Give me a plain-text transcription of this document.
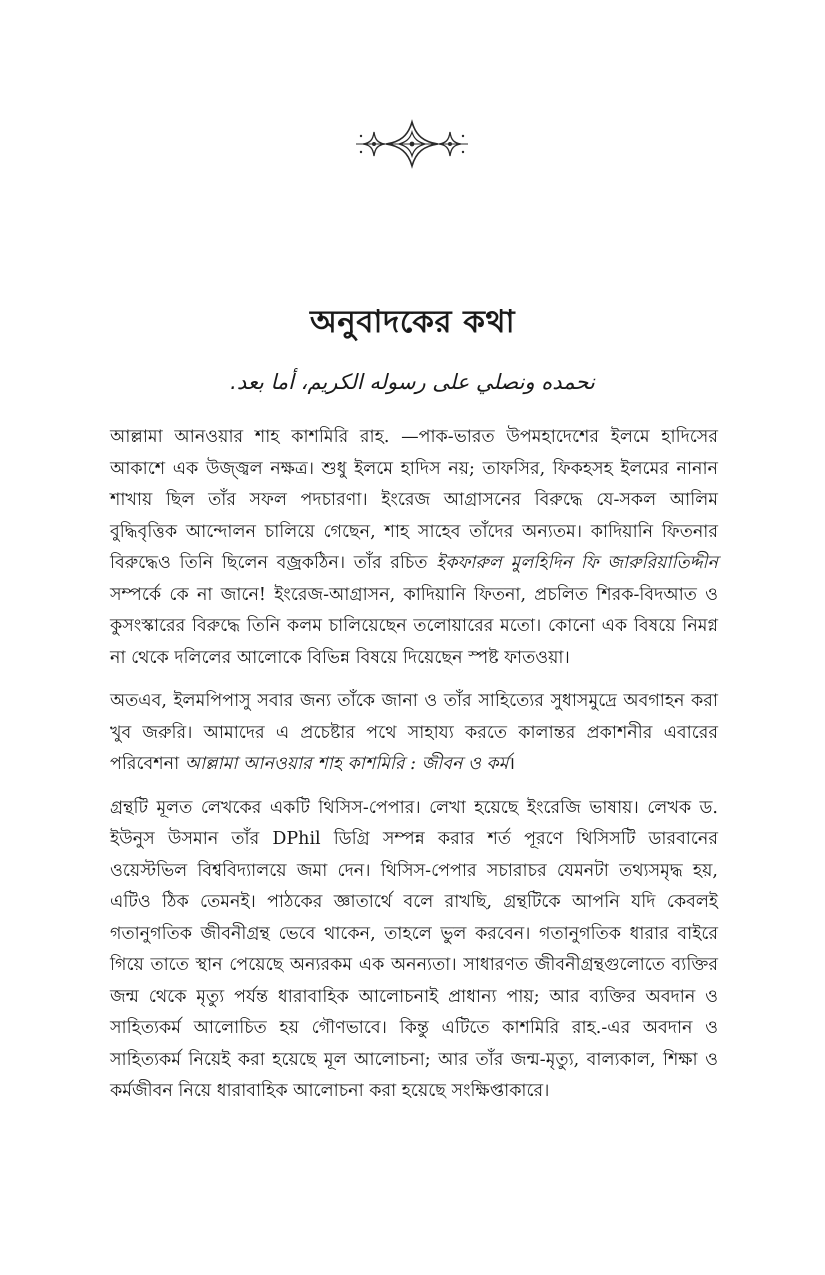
অনুবাদকের কথা

نحمده ونصلي على رسوله الكريم، أما بعد.

আল্লামা আনওয়ার শাহ কাশমিরি রাহ. —পাক-ভারত উপমহাদেশের ইলমে হাদিসের আকাশে এক উজ্জ্বল নক্ষত্র। শুধু ইলমে হাদিস নয়; তাফসির, ফিকহসহ ইলমের নানান শাখায় ছিল তাঁর সফল পদচারণা। ইংরেজ আগ্রাসনের বিরুদ্ধে যে-সকল আলিম বুদ্ধিবৃত্তিক আন্দোলন চালিয়ে গেছেন, শাহ সাহেব তাঁদের অন্যতম। কাদিয়ানি ফিতনার বিরুদ্ধেও তিনি ছিলেন বজ্রকঠিন। তাঁর রচিত ইকফারুল মুলহিদিন ফি জারুরিয়াতিদ্দীন সম্পর্কে কে না জানে! ইংরেজ-আগ্রাসন, কাদিয়ানি ফিতনা, প্রচলিত শিরক-বিদআত ও কুসংস্কারের বিরুদ্ধে তিনি কলম চালিয়েছেন তলোয়ারের মতো। কোনো এক বিষয়ে নিমগ্ন না থেকে দলিলের আলোকে বিভিন্ন বিষয়ে দিয়েছেন স্পষ্ট ফাতওয়া।

অতএব, ইলমপিপাসু সবার জন্য তাঁকে জানা ও তাঁর সাহিত্যের সুধাসমুদ্রে অবগাহন করা খুব জরুরি। আমাদের এ প্রচেষ্টার পথে সাহায্য করতে কালান্তর প্রকাশনীর এবারের পরিবেশনা আল্লামা আনওয়ার শাহ কাশমিরি : জীবন ও কর্ম।

গ্রন্থটি মূলত লেখকের একটি থিসিস-পেপার। লেখা হয়েছে ইংরেজি ভাষায়। লেখক ড. ইউনুস উসমান তাঁর DPhil ডিগ্রি সম্পন্ন করার শর্ত পূরণে থিসিসটি ডারবানের ওয়েস্টভিল বিশ্ববিদ্যালয়ে জমা দেন। থিসিস-পেপার সচারাচর যেমনটা তথ্যসমৃদ্ধ হয়, এটিও ঠিক তেমনই। পাঠকের জ্ঞাতার্থে বলে রাখছি, গ্রন্থটিকে আপনি যদি কেবলই গতানুগতিক জীবনীগ্রন্থ ভেবে থাকেন, তাহলে ভুল করবেন। গতানুগতিক ধারার বাইরে গিয়ে তাতে স্থান পেয়েছে অন্যরকম এক অনন্যতা। সাধারণত জীবনীগ্রন্থগুলোতে ব্যক্তির জন্ম থেকে মৃত্যু পর্যন্ত ধারাবাহিক আলোচনাই প্রাধান্য পায়; আর ব্যক্তির অবদান ও সাহিত্যকর্ম আলোচিত হয় গৌণভাবে। কিন্তু এটিতে কাশমিরি রাহ.-এর অবদান ও সাহিত্যকর্ম নিয়েই করা হয়েছে মূল আলোচনা; আর তাঁর জন্ম-মৃত্যু, বাল্যকাল, শিক্ষা ও কর্মজীবন নিয়ে ধারাবাহিক আলোচনা করা হয়েছে সংক্ষিপ্তাকারে।
